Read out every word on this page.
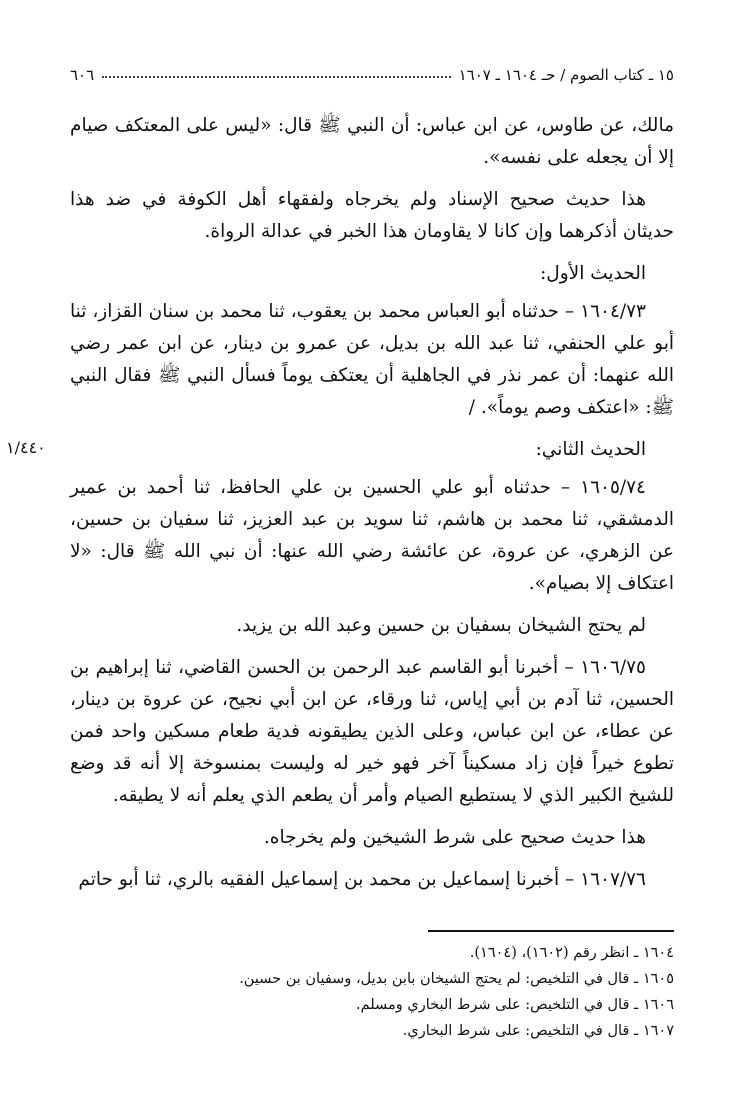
١٥ ـ كتاب الصوم / حـ ١٦٠٤ ـ ١٦٠٧
٦٠٦
١/٤٤٠

مالك، عن طاوس، عن ابن عباس: أن النبي ﷺ قال: «ليس على المعتكف صيام إلا أن يجعله على نفسه».

هذا حديث صحيح الإسناد ولم يخرجاه ولفقهاء أهل الكوفة في ضد هذا حديثان أذكرهما وإن كانا لا يقاومان هذا الخبر في عدالة الرواة.

الحديث الأول:

١٦٠٤/٧٣ – حدثناه أبو العباس محمد بن يعقوب، ثنا محمد بن سنان القزاز، ثنا أبو علي الحنفي، ثنا عبد الله بن بديل، عن عمرو بن دينار، عن ابن عمر رضي الله عنهما: أن عمر نذر في الجاهلية أن يعتكف يوماً فسأل النبي ﷺ فقال النبي ﷺ: «اعتكف وصم يوماً». /

الحديث الثاني:

١٦٠٥/٧٤ – حدثناه أبو علي الحسين بن علي الحافظ، ثنا أحمد بن عمير الدمشقي، ثنا محمد بن هاشم، ثنا سويد بن عبد العزيز، ثنا سفيان بن حسين، عن الزهري، عن عروة، عن عائشة رضي الله عنها: أن نبي الله ﷺ قال: «لا اعتكاف إلا بصيام».

لم يحتج الشيخان بسفيان بن حسين وعبد الله بن يزيد.

١٦٠٦/٧٥ – أخبرنا أبو القاسم عبد الرحمن بن الحسن القاضي، ثنا إبراهيم بن الحسين، ثنا آدم بن أبي إياس، ثنا ورقاء، عن ابن أبي نجيح، عن عروة بن دينار، عن عطاء، عن ابن عباس، وعلى الذين يطيقونه فدية طعام مسكين واحد فمن تطوع خيراً فإن زاد مسكيناً آخر فهو خير له وليست بمنسوخة إلا أنه قد وضع للشيخ الكبير الذي لا يستطيع الصيام وأمر أن يطعم الذي يعلم أنه لا يطيقه.

هذا حديث صحيح على شرط الشيخين ولم يخرجاه.

١٦٠٧/٧٦ – أخبرنا إسماعيل بن محمد بن إسماعيل الفقيه بالري، ثنا أبو حاتم

١٦٠٤ ـ انظر رقم (١٦٠٢)، (١٦٠٤).
١٦٠٥ ـ قال في التلخيص: لم يحتج الشيخان بابن بديل، وسفيان بن حسين.
١٦٠٦ ـ قال في التلخيص: على شرط البخاري ومسلم.
١٦٠٧ ـ قال في التلخيص: على شرط البخاري.
